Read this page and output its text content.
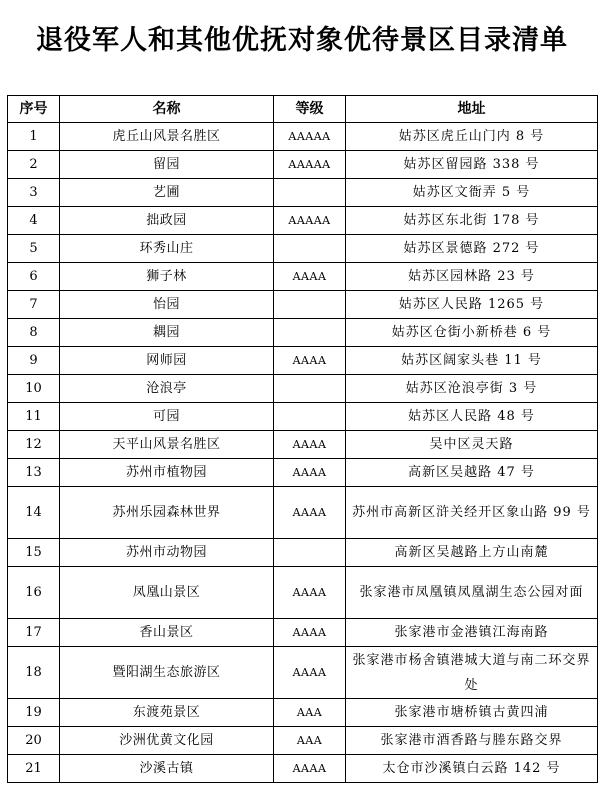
退役军人和其他优抚对象优待景区目录清单
序号	名称	等级	地址
1	虎丘山风景名胜区	AAAAA	姑苏区虎丘山门内 8 号
2	留园	AAAAA	姑苏区留园路 338 号
3	艺圃		姑苏区文衙弄 5 号
4	拙政园	AAAAA	姑苏区东北街 178 号
5	环秀山庄		姑苏区景德路 272 号
6	狮子林	AAAA	姑苏区园林路 23 号
7	怡园		姑苏区人民路 1265 号
8	耦园		姑苏区仓街小新桥巷 6 号
9	网师园	AAAA	姑苏区阔家头巷 11 号
10	沧浪亭		姑苏区沧浪亭街 3 号
11	可园		姑苏区人民路 48 号
12	天平山风景名胜区	AAAA	吴中区灵天路
13	苏州市植物园	AAAA	高新区吴越路 47 号
14	苏州乐园森林世界	AAAA	苏州市高新区浒关经开区象山路 99 号
15	苏州市动物园		高新区吴越路上方山南麓
16	凤凰山景区	AAAA	张家港市凤凰镇凤凰湖生态公园对面
17	香山景区	AAAA	张家港市金港镇江海南路
18	暨阳湖生态旅游区	AAAA	张家港市杨舍镇港城大道与南二环交界处
19	东渡苑景区	AAA	张家港市塘桥镇古黄四浦
20	沙洲优黄文化园	AAA	张家港市酒香路与塍东路交界
21	沙溪古镇	AAAA	太仓市沙溪镇白云路 142 号
